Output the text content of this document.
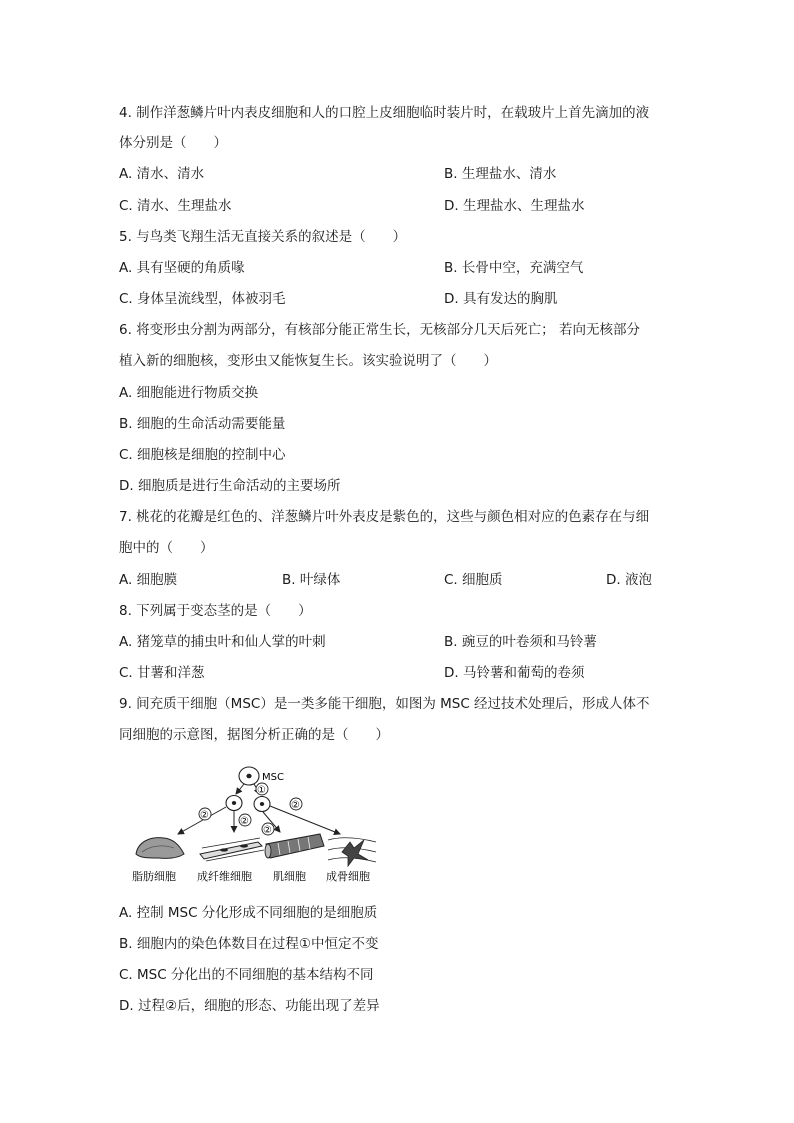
4. 制作洋葱鳞片叶内表皮细胞和人的口腔上皮细胞临时装片时，在载玻片上首先滴加的液
体分别是（　　）
A. 清水、清水	B. 生理盐水、清水
C. 清水、生理盐水	D. 生理盐水、生理盐水
5. 与鸟类飞翔生活无直接关系的叙述是（　　）
A. 具有坚硬的角质喙	B. 长骨中空，充满空气
C. 身体呈流线型，体被羽毛	D. 具有发达的胸肌
6. 将变形虫分割为两部分，有核部分能正常生长，无核部分几天后死亡； 若向无核部分
植入新的细胞核，变形虫又能恢复生长。该实验说明了（　　）
A. 细胞能进行物质交换
B. 细胞的生命活动需要能量
C. 细胞核是细胞的控制中心
D. 细胞质是进行生命活动的主要场所
7. 桃花的花瓣是红色的、洋葱鳞片叶外表皮是紫色的，这些与颜色相对应的色素存在与细
胞中的（　　）
A. 细胞膜	B. 叶绿体	C. 细胞质	D. 液泡
8. 下列属于变态茎的是（　　）
A. 猪笼草的捕虫叶和仙人掌的叶刺	B. 豌豆的叶卷须和马铃薯
C. 甘薯和洋葱	D. 马铃薯和葡萄的卷须
9. 间充质干细胞（MSC）是一类多能干细胞，如图为 MSC 经过技术处理后，形成人体不
同细胞的示意图，据图分析正确的是（　　）
MSC
①
②
②
②
②
脂肪细胞 成纤维细胞 肌细胞 成骨细胞
A. 控制 MSC 分化形成不同细胞的是细胞质
B. 细胞内的染色体数目在过程①中恒定不变
C. MSC 分化出的不同细胞的基本结构不同
D. 过程②后，细胞的形态、功能出现了差异
